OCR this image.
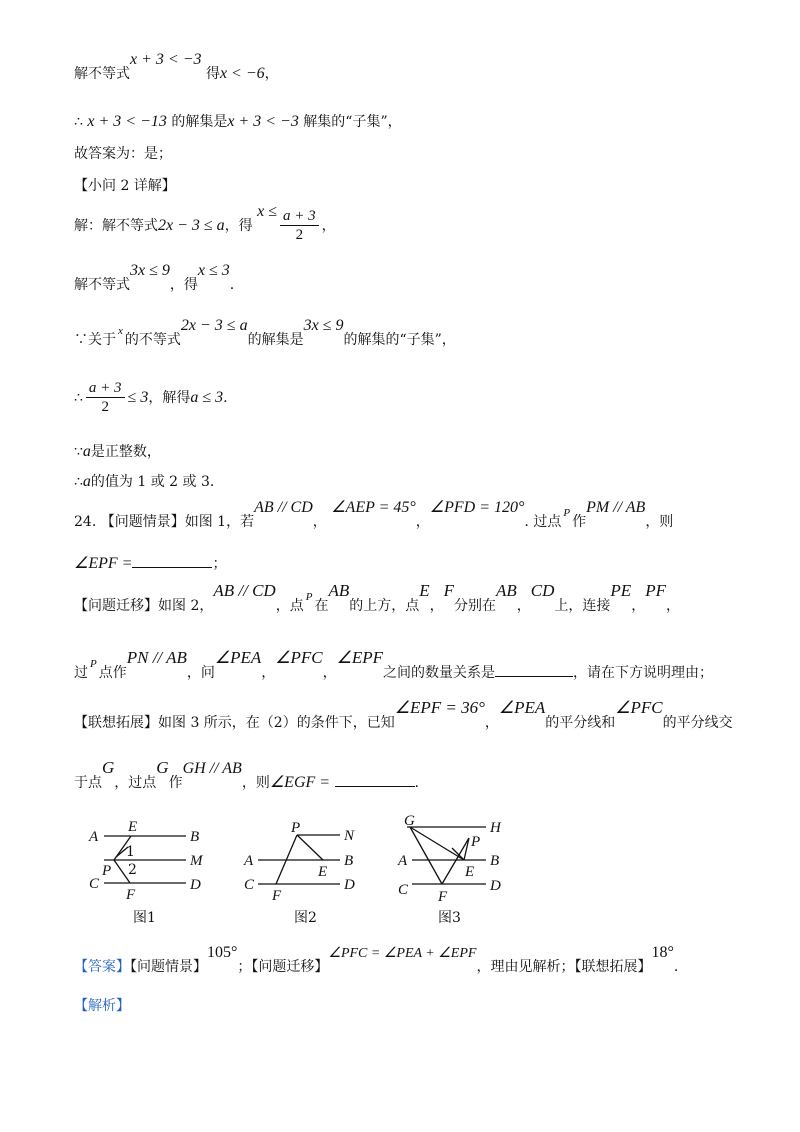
解不等式x + 3 < −3 得x < −6，
∴ x + 3 < −13 的解集是x + 3 < −3 解集的“子集”，
故答案为：是；
【小问 2 详解】
解：解不等式2x − 3 ≤ a，得 $x \le \frac{a + 3}{2}$ ，
解不等式3x ≤ 9，得x ≤ 3.
∵关于$^x$的不等式2x − 3 ≤ a的解集是3x ≤ 9的解集的“子集”，
∴ $\frac{a + 3}{2} \le 3$，解得a ≤ 3.
∵a是正整数，
∴a的值为 1 或 2 或 3.
24. 【问题情景】如图 1，若AB // CD， ∠AEP = 45°，∠PFD = 120°. 过点$^P$作PM // AB，则
∠EPF =	；
【问题迁移】如图 2，AB // CD，点$^P$在AB的上方，点E，F分别在AB，CD上，连接PE，PF，
过$^P$点作PN // AB，问∠PEA，∠PFC，∠EPF之间的数量关系是	，请在下方说明理由；
【联想拓展】如图 3 所示，在（2）的条件下，已知∠EPF = 36°，∠PEA的平分线和∠PFC的平分线交
于点G，过点G作GH // AB，则∠EGF =	.
A
E
B
P
1
2
M
C
F
D
图1
P	N
A	B
E
C
F
D
图2
G	H
P
A	B
E
C F
D
图3
【答案】【问题情景】105°；【问题迁移】∠PFC = ∠PEA + ∠EPF，理由见解析；【联想拓展】18°.
【解析】
